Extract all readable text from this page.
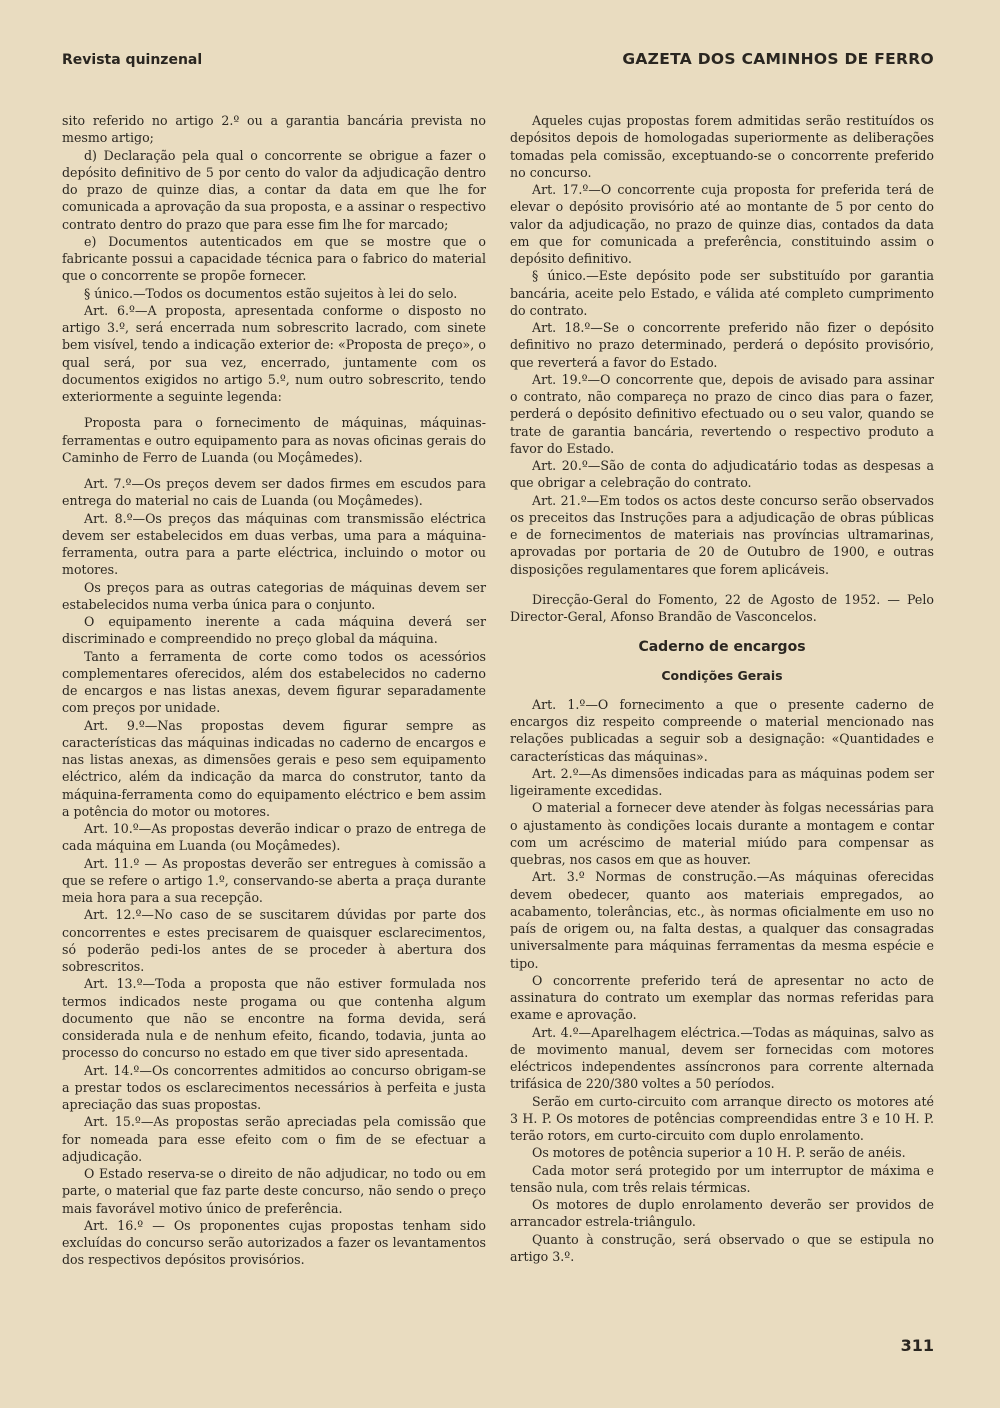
Revista quinzenal	GAZETA DOS CAMINHOS DE FERRO

sito referido no artigo 2.º ou a garantia bancária prevista no mesmo artigo;

d) Declaração pela qual o concorrente se obrigue a fazer o depósito definitivo de 5 por cento do valor da adjudicação dentro do prazo de quinze dias, a contar da data em que lhe for comunicada a aprovação da sua proposta, e a assinar o respectivo contrato dentro do prazo que para esse fim lhe for marcado;

e) Documentos autenticados em que se mostre que o fabricante possui a capacidade técnica para o fabrico do material que o concorrente se propõe fornecer.

§ único.—Todos os documentos estão sujeitos à lei do selo.

Art. 6.º—A proposta, apresentada conforme o disposto no artigo 3.º, será encerrada num sobrescrito lacrado, com sinete bem visível, tendo a indicação exterior de: «Proposta de preço», o qual será, por sua vez, encerrado, juntamente com os documentos exigidos no artigo 5.º, num outro sobrescrito, tendo exteriormente a seguinte legenda:

Proposta para o fornecimento de máquinas, máquinas-ferramentas e outro equipamento para as novas oficinas gerais do Caminho de Ferro de Luanda (ou Moçâmedes).

Art. 7.º—Os preços devem ser dados firmes em escudos para entrega do material no cais de Luanda (ou Moçâmedes).

Art. 8.º—Os preços das máquinas com transmissão eléctrica devem ser estabelecidos em duas verbas, uma para a máquina-ferramenta, outra para a parte eléctrica, incluindo o motor ou motores.

Os preços para as outras categorias de máquinas devem ser estabelecidos numa verba única para o conjunto.

O equipamento inerente a cada máquina deverá ser discriminado e compreendido no preço global da máquina.

Tanto a ferramenta de corte como todos os acessórios complementares oferecidos, além dos estabelecidos no caderno de encargos e nas listas anexas, devem figurar separadamente com preços por unidade.

Art. 9.º—Nas propostas devem figurar sempre as características das máquinas indicadas no caderno de encargos e nas listas anexas, as dimensões gerais e peso sem equipamento eléctrico, além da indicação da marca do construtor, tanto da máquina-ferramenta como do equipamento eléctrico e bem assim a potência do motor ou motores.

Art. 10.º—As propostas deverão indicar o prazo de entrega de cada máquina em Luanda (ou Moçâmedes).

Art. 11.º — As propostas deverão ser entregues à comissão a que se refere o artigo 1.º, conservando-se aberta a praça durante meia hora para a sua recepção.

Art. 12.º—No caso de se suscitarem dúvidas por parte dos concorrentes e estes precisarem de quaisquer esclarecimentos, só poderão pedi-los antes de se proceder à abertura dos sobrescritos.

Art. 13.º—Toda a proposta que não estiver formulada nos termos indicados neste progama ou que contenha algum documento que não se encontre na forma devida, será considerada nula e de nenhum efeito, ficando, todavia, junta ao processo do concurso no estado em que tiver sido apresentada.

Art. 14.º—Os concorrentes admitidos ao concurso obrigam-se a prestar todos os esclarecimentos necessários à perfeita e justa apreciação das suas propostas.

Art. 15.º—As propostas serão apreciadas pela comissão que for nomeada para esse efeito com o fim de se efectuar a adjudicação.

O Estado reserva-se o direito de não adjudicar, no todo ou em parte, o material que faz parte deste concurso, não sendo o preço mais favorável motivo único de preferência.

Art. 16.º — Os proponentes cujas propostas tenham sido excluídas do concurso serão autorizados a fazer os levantamentos dos respectivos depósitos provisórios.

Aqueles cujas propostas forem admitidas serão restituídos os depósitos depois de homologadas superiormente as deliberações tomadas pela comissão, exceptuando-se o concorrente preferido no concurso.

Art. 17.º—O concorrente cuja proposta for preferida terá de elevar o depósito provisório até ao montante de 5 por cento do valor da adjudicação, no prazo de quinze dias, contados da data em que for comunicada a preferência, constituindo assim o depósito definitivo.

§ único.—Este depósito pode ser substituído por garantia bancária, aceite pelo Estado, e válida até completo cumprimento do contrato.

Art. 18.º—Se o concorrente preferido não fizer o depósito definitivo no prazo determinado, perderá o depósito provisório, que reverterá a favor do Estado.

Art. 19.º—O concorrente que, depois de avisado para assinar o contrato, não compareça no prazo de cinco dias para o fazer, perderá o depósito definitivo efectuado ou o seu valor, quando se trate de garantia bancária, revertendo o respectivo produto a favor do Estado.

Art. 20.º—São de conta do adjudicatário todas as despesas a que obrigar a celebração do contrato.

Art. 21.º—Em todos os actos deste concurso serão observados os preceitos das Instruções para a adjudicação de obras públicas e de fornecimentos de materiais nas províncias ultramarinas, aprovadas por portaria de 20 de Outubro de 1900, e outras disposições regulamentares que forem aplicáveis.

Direcção-Geral do Fomento, 22 de Agosto de 1952. — Pelo Director-Geral, Afonso Brandão de Vasconcelos.

Caderno de encargos
Condições Gerais

Art. 1.º—O fornecimento a que o presente caderno de encargos diz respeito compreende o material mencionado nas relações publicadas a seguir sob a designação: «Quantidades e características das máquinas».

Art. 2.º—As dimensões indicadas para as máquinas podem ser ligeiramente excedidas.

O material a fornecer deve atender às folgas necessárias para o ajustamento às condições locais durante a montagem e contar com um acréscimo de material miúdo para compensar as quebras, nos casos em que as houver.

Art. 3.º Normas de construção.—As máquinas oferecidas devem obedecer, quanto aos materiais empregados, ao acabamento, tolerâncias, etc., às normas oficialmente em uso no país de origem ou, na falta destas, a qualquer das consagradas universalmente para máquinas ferramentas da mesma espécie e tipo.

O concorrente preferido terá de apresentar no acto de assinatura do contrato um exemplar das normas referidas para exame e aprovação.

Art. 4.º—Aparelhagem eléctrica.—Todas as máquinas, salvo as de movimento manual, devem ser fornecidas com motores eléctricos independentes assíncronos para corrente alternada trifásica de 220/380 voltes a 50 períodos.

Serão em curto-circuito com arranque directo os motores até 3 H. P. Os motores de potências compreendidas entre 3 e 10 H. P. terão rotors, em curto-circuito com duplo enrolamento.

Os motores de potência superior a 10 H. P. serão de anéis.

Cada motor será protegido por um interruptor de máxima e tensão nula, com três relais térmicas.

Os motores de duplo enrolamento deverão ser providos de arrancador estrela-triângulo.

Quanto à construção, será observado o que se estipula no artigo 3.º.

311
